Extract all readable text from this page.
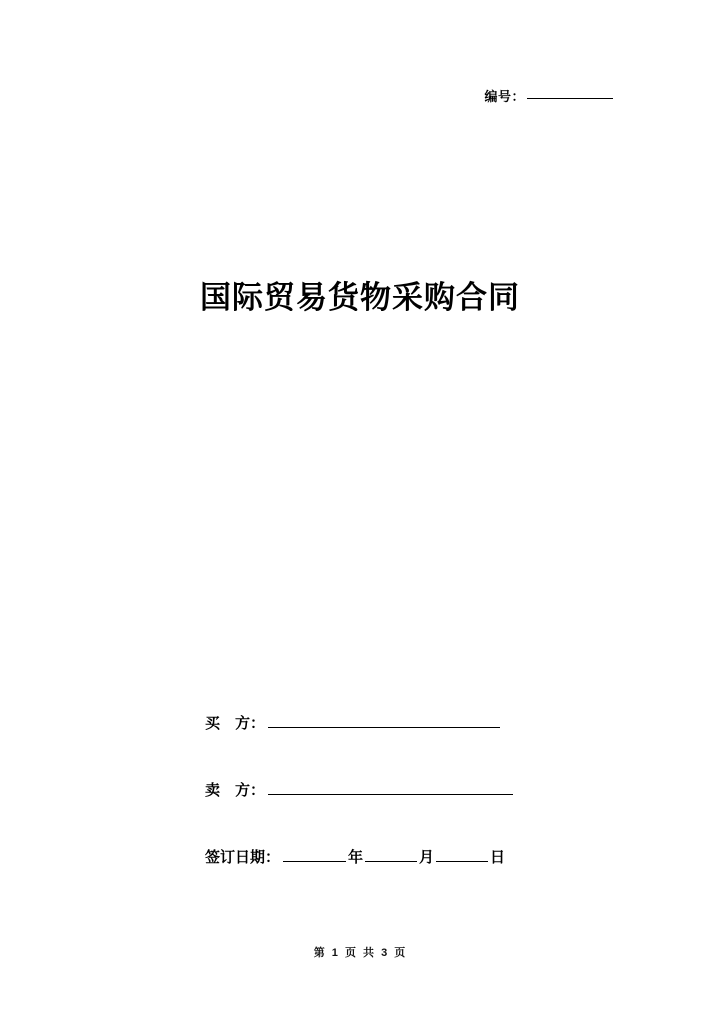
编号：
国际贸易货物采购合同
买　方：
卖　方：
签订日期：	年	月	日
第 1 页 共 3 页
